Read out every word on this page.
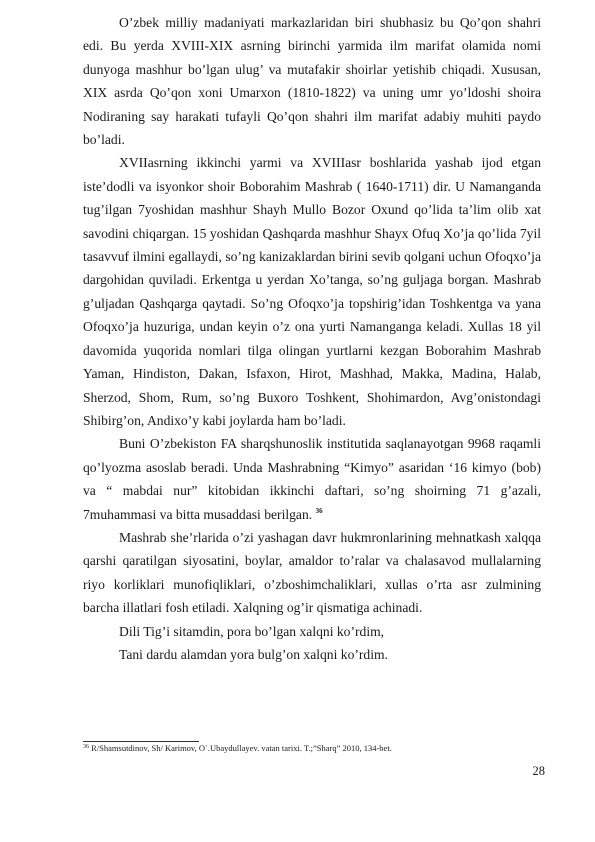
O’zbek milliy madaniyati markazlaridan biri shubhasiz bu Qo’qon shahri edi. Bu yerda XVIII-XIX asrning birinchi yarmida ilm marifat olamida nomi dunyoga mashhur bo’lgan ulug’ va mutafakir shoirlar yetishib chiqadi. Xususan, XIX asrda Qo’qon xoni Umarxon (1810-1822) va uning umr yo’ldoshi shoira Nodiraning say harakati tufayli Qo’qon shahri ilm marifat adabiy muhiti paydo bo’ladi.

XVIIasrning ikkinchi yarmi va XVIIIasr boshlarida yashab ijod etgan iste’dodli va isyonkor shoir Boborahim Mashrab ( 1640-1711) dir. U Namanganda tug’ilgan 7yoshidan mashhur Shayh Mullo Bozor Oxund qo’lida ta’lim olib xat savodini chiqargan. 15 yoshidan Qashqarda mashhur Shayx Ofuq Xo’ja qo’lida 7yil tasavvuf ilmini egallaydi, so’ng kanizaklardan birini sevib qolgani uchun Ofoqxo’ja dargohidan quviladi. Erkentga u yerdan Xo’tanga, so’ng guljaga borgan. Mashrab g’uljadan Qashqarga qaytadi. So’ng Ofoqxo’ja topshirig’idan Toshkentga va yana Ofoqxo’ja huzuriga, undan keyin o’z ona yurti Namanganga keladi. Xullas 18 yil davomida yuqorida nomlari tilga olingan yurtlarni kezgan Boborahim Mashrab Yaman, Hindiston, Dakan, Isfaxon, Hirot, Mashhad, Makka, Madina, Halab, Sherzod, Shom, Rum, so’ng Buxoro Toshkent, Shohimardon, Avg’onistondagi Shibirg’on, Andixo’y kabi joylarda ham bo’ladi.

Buni O’zbekiston FA sharqshunoslik institutida saqlanayotgan 9968 raqamli qo’lyozma asoslab beradi. Unda Mashrabning “Kimyo” asaridan ‘16 kimyo (bob) va “ mabdai nur” kitobidan ikkinchi daftari, so’ng shoirning 71 g’azali, 7muhammasi va bitta musaddasi berilgan. $^{36}$

Mashrab she’rlarida o’zi yashagan davr hukmronlarining mehnatkash xalqqa qarshi qaratilgan siyosatini, boylar, amaldor to’ralar va chalasavod mullalarning riyo korliklari munofiqliklari, o’zboshimchaliklari, xullas o’rta asr zulmining barcha illatlari fosh etiladi. Xalqning og’ir qismatiga achinadi.

Dili Tig’i sitamdin, pora bo’lgan xalqni ko’rdim,

Tani dardu alamdan yora bulg’on xalqni ko’rdim.

$^{36}$ R/Shamsutdinov, Sh/ Karimov, O`.Ubaydullayev. vatan tarixi. T.;”Sharq” 2010, 134-bet.
28
